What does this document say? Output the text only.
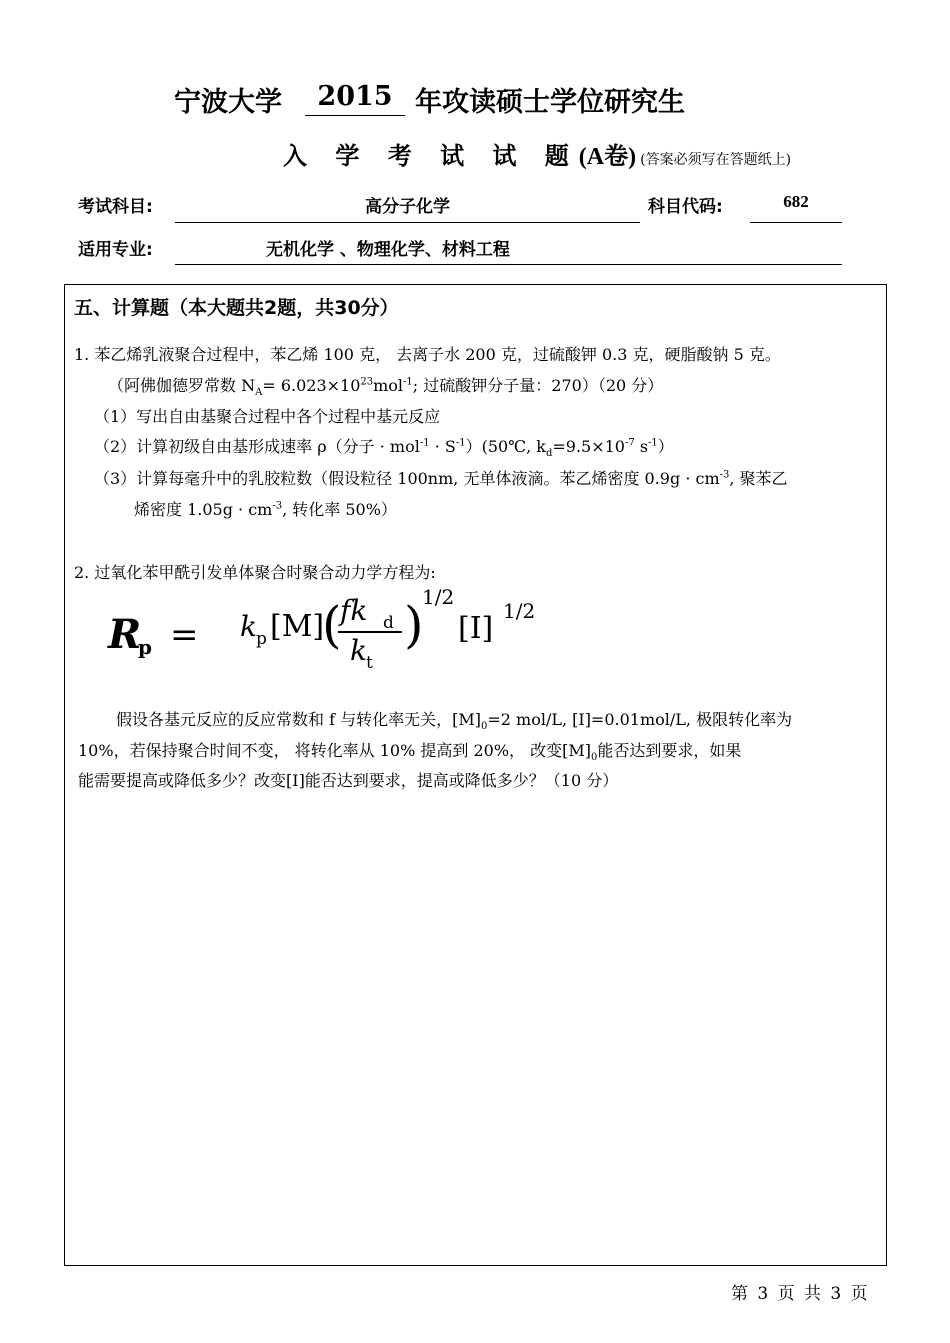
宁波大学	2015 年攻读硕士学位研究生
入 学 考 试 试 题(A卷) (答案必须写在答题纸上)
考试科目:	高分子化学	科目代码:	682
适用专业:	无机化学 、物理化学、材料工程
五、计算题（本大题共2题，共30分）
1. 苯乙烯乳液聚合过程中，苯乙烯 100 克， 去离子水 200 克，过硫酸钾 0.3 克，硬脂酸钠 5 克。
（阿佛伽德罗常数 $N_A= 6.023\times 10^{23}mol^{-1}$; 过硫酸钾分子量：270）（20 分）
（1）写出自由基聚合过程中各个过程中基元反应
（2）计算初级自由基形成速率 ρ（分子 · $mol^{-1} \cdot S^{-1})(50℃$, $k_d=9.5\times 10^{-7}$ $s^{-1}$）
（3）计算每毫升中的乳胶粒数（假设粒径 100nm, 无单体液滴。苯乙烯密度 $0.9g \cdot cm^{-3}$, 聚苯乙
烯密度 $1.05g \cdot cm^{-3}$, 转化率 50%）
2. 过氧化苯甲酰引发单体聚合时聚合动力学方程为:
R
p = k p [M]
(
fk d
k t
)
1/2
[I] 1/2
假设各基元反应的反应常数和 f 与转化率无关，$[M]_0=2$ mol/L, [I]=0.01mol/L, 极限转化率为
10%，若保持聚合时间不变， 将转化率从 10% 提高到 20%， 改变$[M]_0$能否达到要求，如果
能需要提高或降低多少？改变[I]能否达到要求，提高或降低多少？（10 分）
第 3 页 共 3 页
